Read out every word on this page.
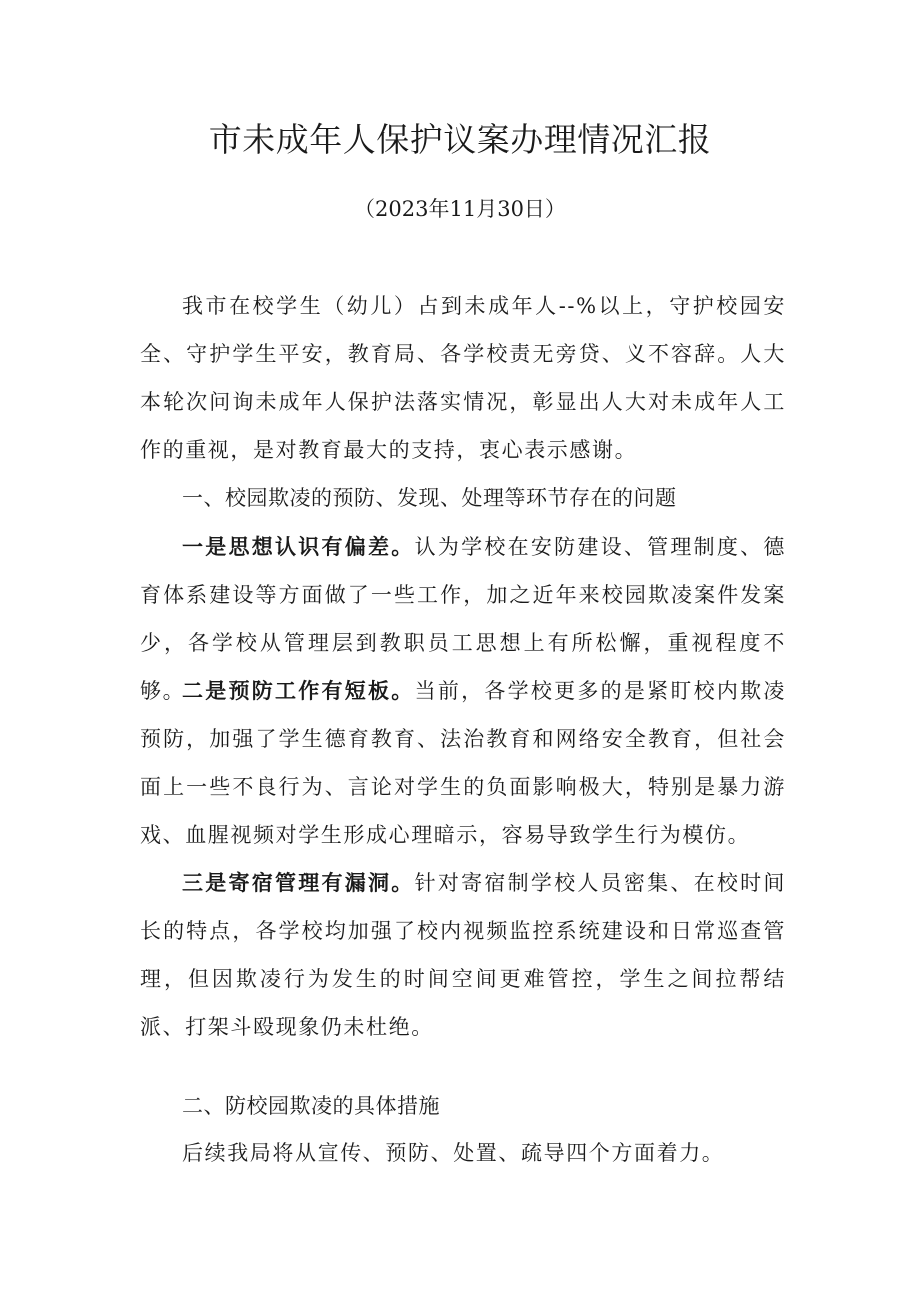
市未成年人保护议案办理情况汇报
（2023年11月30日）

我市在校学生（幼儿）占到未成年人--%以上，守护校园安全、守护学生平安，教育局、各学校责无旁贷、义不容辞。人大本轮次问询未成年人保护法落实情况，彰显出人大对未成年人工作的重视，是对教育最大的支持，衷心表示感谢。

一、校园欺凌的预防、发现、处理等环节存在的问题

一是思想认识有偏差。认为学校在安防建设、管理制度、德育体系建设等方面做了一些工作，加之近年来校园欺凌案件发案少，各学校从管理层到教职员工思想上有所松懈，重视程度不够。

二是预防工作有短板。当前，各学校更多的是紧盯校内欺凌预防，加强了学生德育教育、法治教育和网络安全教育，但社会面上一些不良行为、言论对学生的负面影响极大，特别是暴力游戏、血腥视频对学生形成心理暗示，容易导致学生行为模仿。

三是寄宿管理有漏洞。针对寄宿制学校人员密集、在校时间长的特点，各学校均加强了校内视频监控系统建设和日常巡查管理，但因欺凌行为发生的时间空间更难管控，学生之间拉帮结派、打架斗殴现象仍未杜绝。

二、防校园欺凌的具体措施

后续我局将从宣传、预防、处置、疏导四个方面着力。
